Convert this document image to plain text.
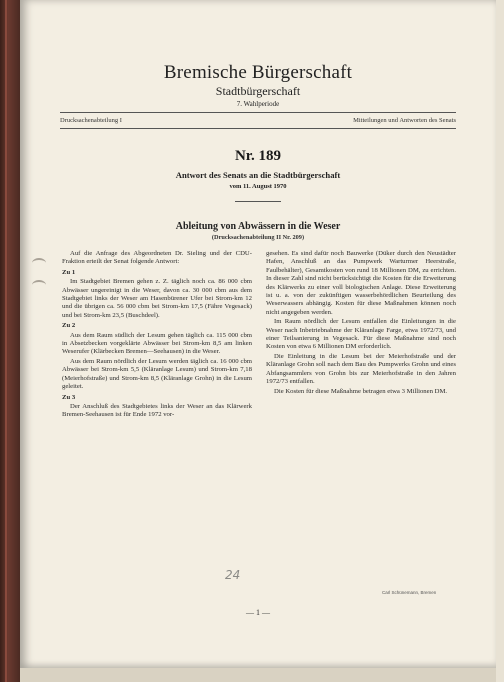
Bremische Bürgerschaft
Stadtbürgerschaft
7. Wahlperiode
Drucksachenabteilung I	Mitteilungen und Antworten des Senats
Nr. 189
Antwort des Senats an die Stadtbürgerschaft
vom 11. August 1970
Ableitung von Abwässern in die Weser
(Drucksachenabteilung II Nr. 209)

Auf die Anfrage des Abgeordneten Dr. Sieling und der CDU-Fraktion erteilt der Senat folgende Antwort:

Zu 1

Im Stadtgebiet Bremen gehen z. Z. täglich noch ca. 86 000 cbm Abwässer ungereinigt in die Weser, davon ca. 30 000 cbm aus dem Stadtgebiet links der Weser am Hasenbürener Ufer bei Strom-km 12 und die übrigen ca. 56 000 cbm bei Strom-km 17,5 (Fähre Vegesack) und bei Strom-km 23,5 (Buschdeel).

Zu 2

Aus dem Raum südlich der Lesum gehen täglich ca. 115 000 cbm in Absetzbecken vorgeklärte Abwässer bei Strom-km 8,5 am linken Weserufer (Klärbecken Bremen—Seehausen) in die Weser.

Aus dem Raum nördlich der Lesum werden täglich ca. 16 000 cbm Abwässer bei Strom-km 5,5 (Kläranlage Lesum) und Strom-km 7,18 (Meierhofstraße) und Strom-km 8,5 (Kläranlage Grohn) in die Lesum geleitet.

Zu 3

Der Anschluß des Stadtgebietes links der Weser an das Klärwerk Bremen-Seehausen ist für Ende 1972 vor-

gesehen. Es sind dafür noch Bauwerke (Düker durch den Neustädter Hafen, Anschluß an das Pumpwerk Warturmer Heerstraße, Faulbehälter), Gesamtkosten von rund 18 Millionen DM, zu errichten. In dieser Zahl sind nicht berücksichtigt die Kosten für die Erweiterung des Klärwerks zu einer voll biologischen Anlage. Diese Erweiterung ist u. a. von der zukünftigen wasserbehördlichen Beurteilung des Weserwassers abhängig. Kosten für diese Maßnahmen können noch nicht angegeben werden.

Im Raum nördlich der Lesum entfallen die Einleitungen in die Weser nach Inbetriebnahme der Kläranlage Farge, etwa 1972/73, und einer Teilsanierung in Vegesack. Für diese Maßnahme sind noch Kosten von etwa 6 Millionen DM erforderlich.

Die Einleitung in die Lesum bei der Meierhofstraße und der Kläranlage Grohn soll nach dem Bau des Pumpwerks Grohn und eines Abfangsammlers von Grohn bis zur Meierhofstraße in den Jahren 1972/73 entfallen.

Die Kosten für diese Maßnahme betragen etwa 3 Millionen DM.

24
Carl Schünemann, Bremen
— 1 —
